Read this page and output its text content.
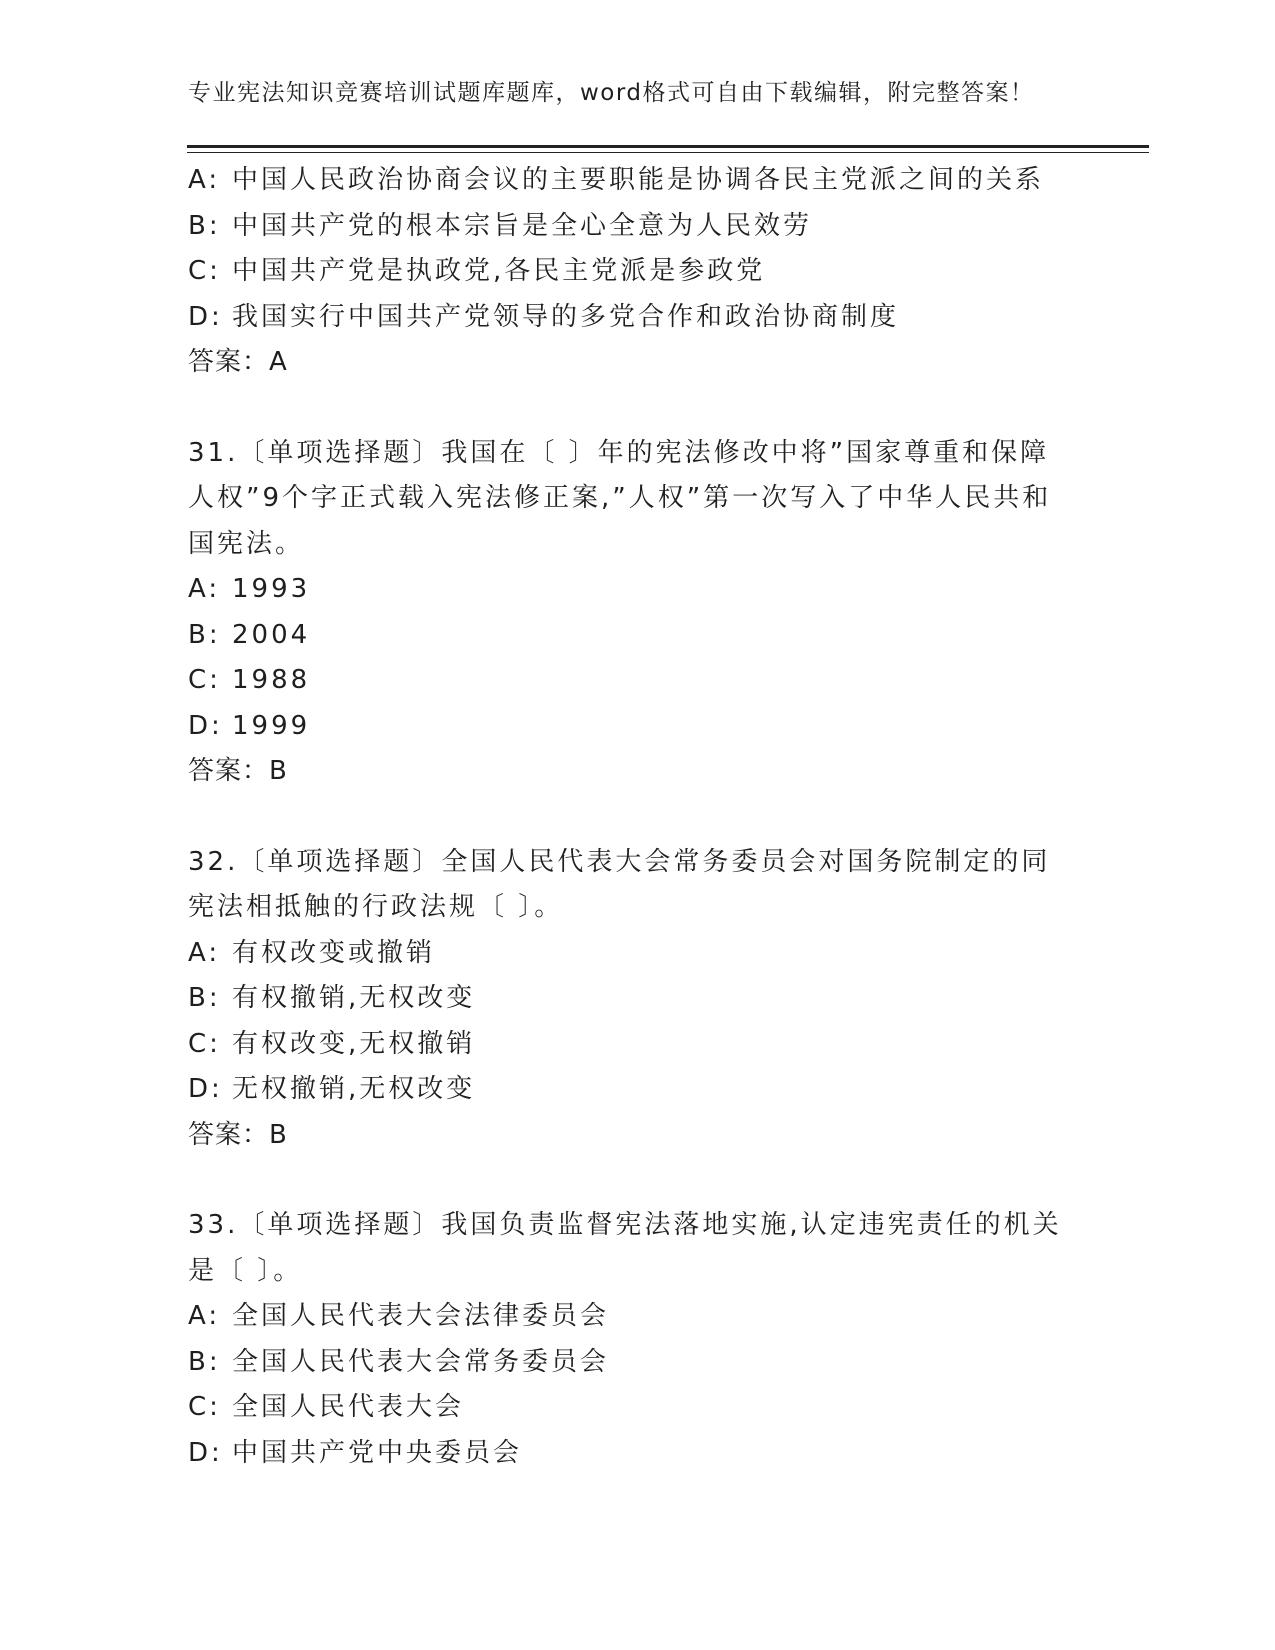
专业宪法知识竞赛培训试题库题库，word格式可自由下载编辑，附完整答案！
A: 中国人民政治协商会议的主要职能是协调各民主党派之间的关系
B: 中国共产党的根本宗旨是全心全意为人民效劳
C: 中国共产党是执政党,各民主党派是参政党
D: 我国实行中国共产党领导的多党合作和政治协商制度
答案：A
31.〔单项选择题〕我国在〔 〕年的宪法修改中将”国家尊重和保障人权”9个字正式载入宪法修正案,”人权”第一次写入了中华人民共和国宪法。
A: 1993
B: 2004
C: 1988
D: 1999
答案：B
32.〔单项选择题〕全国人民代表大会常务委员会对国务院制定的同宪法相抵触的行政法规〔 〕。
A: 有权改变或撤销
B: 有权撤销,无权改变
C: 有权改变,无权撤销
D: 无权撤销,无权改变
答案：B
33.〔单项选择题〕我国负责监督宪法落地实施,认定违宪责任的机关是〔 〕。
A: 全国人民代表大会法律委员会
B: 全国人民代表大会常务委员会
C: 全国人民代表大会
D: 中国共产党中央委员会
